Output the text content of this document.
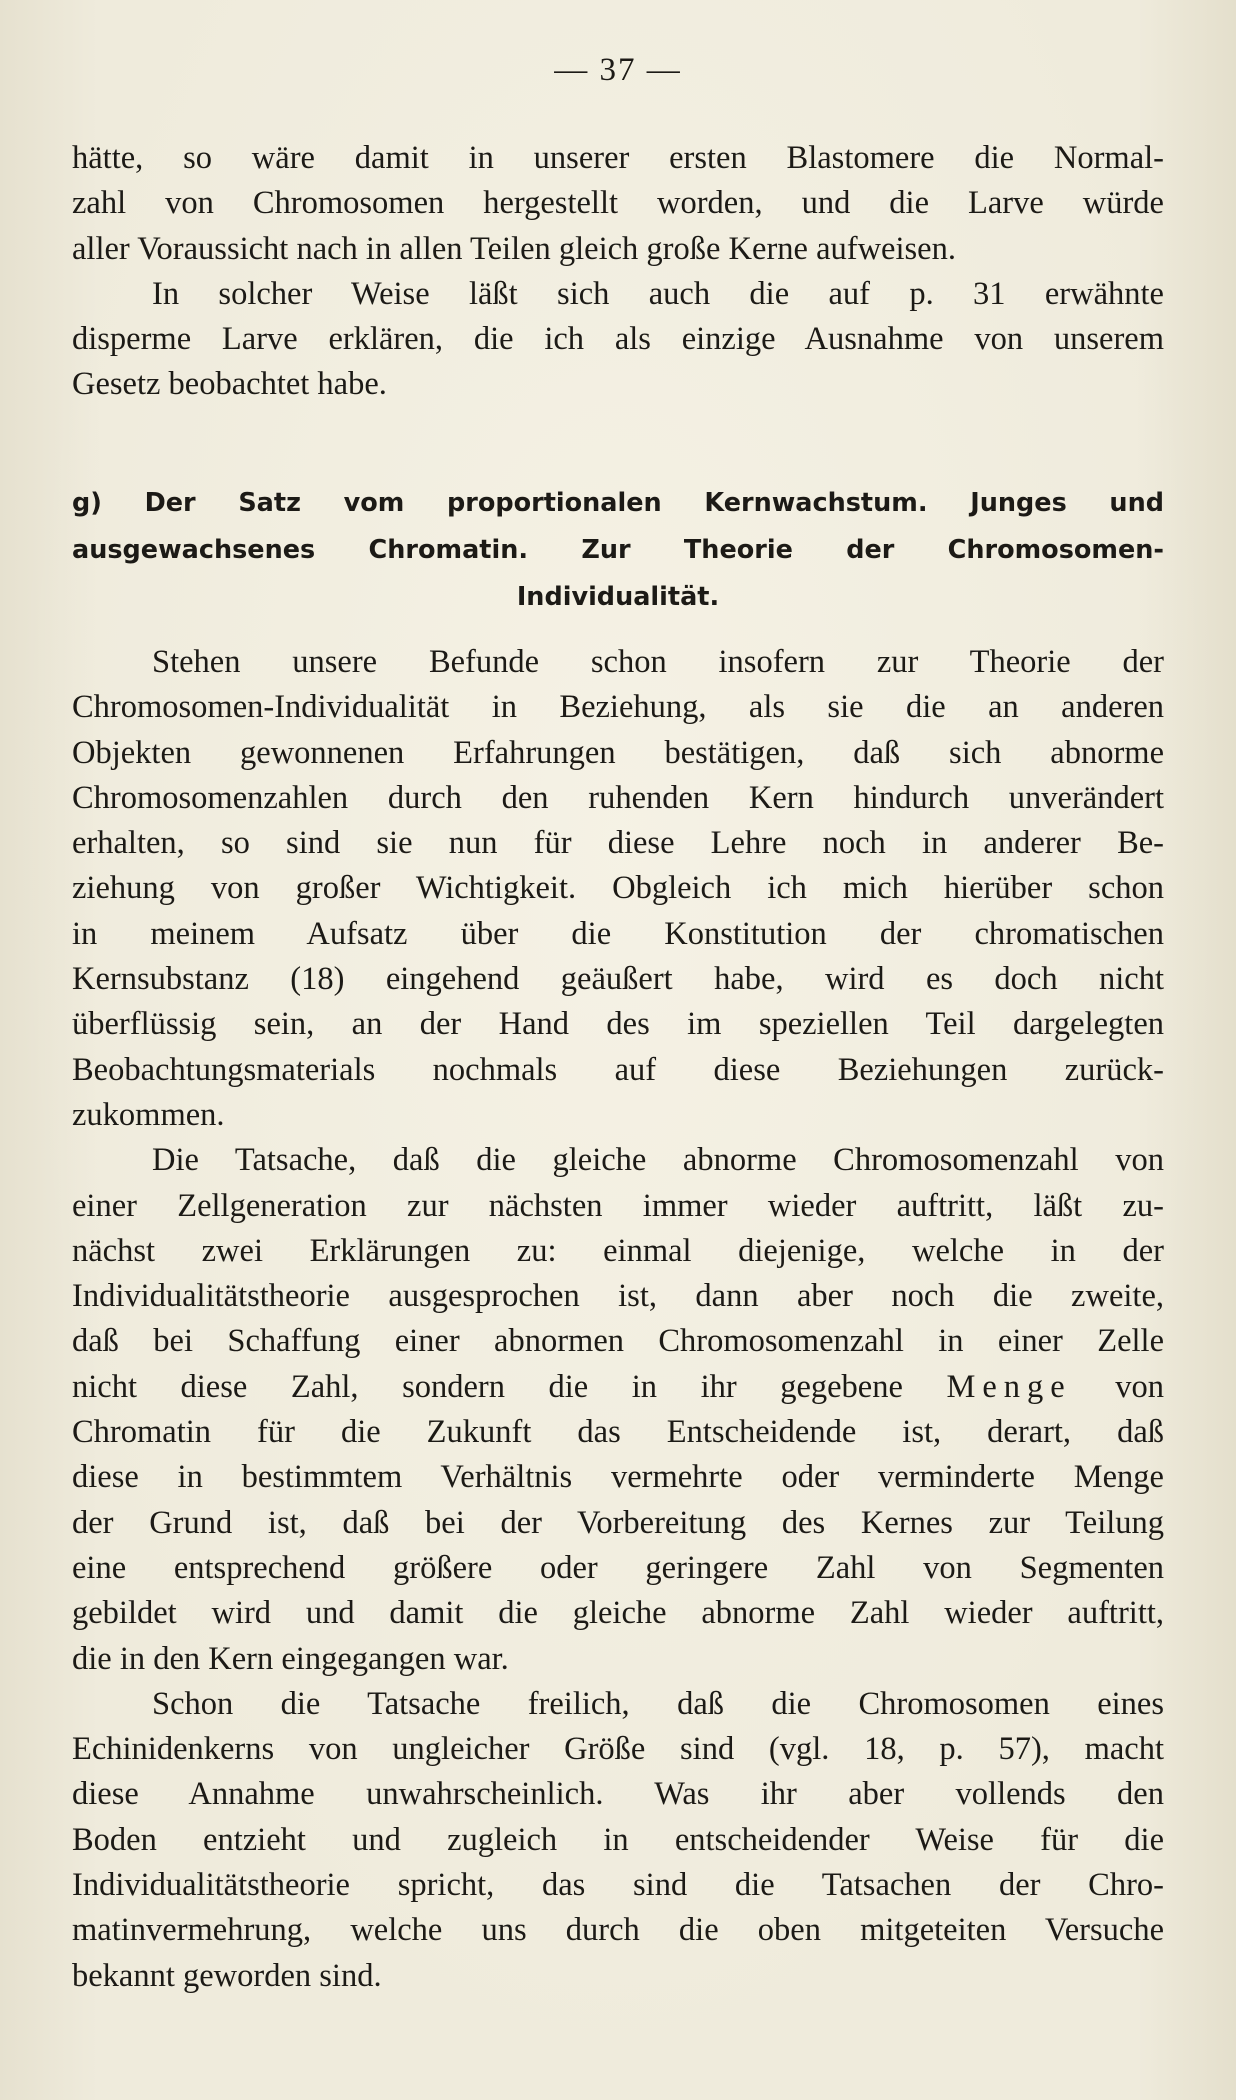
— 37 —
hätte, so wäre damit in unserer ersten Blastomere die Normal-
zahl von Chromosomen hergestellt worden, und die Larve würde
aller Voraussicht nach in allen Teilen gleich große Kerne aufweisen.
In solcher Weise läßt sich auch die auf p. 31 erwähnte
disperme Larve erklären, die ich als einzige Ausnahme von unserem
Gesetz beobachtet habe.
g) Der Satz vom proportionalen Kernwachstum. Junges und
ausgewachsenes Chromatin. Zur Theorie der Chromosomen-
Individualität.
Stehen unsere Befunde schon insofern zur Theorie der
Chromosomen-Individualität in Beziehung, als sie die an anderen
Objekten gewonnenen Erfahrungen bestätigen, daß sich abnorme
Chromosomenzahlen durch den ruhenden Kern hindurch unverändert
erhalten, so sind sie nun für diese Lehre noch in anderer Be-
ziehung von großer Wichtigkeit. Obgleich ich mich hierüber schon
in meinem Aufsatz über die Konstitution der chromatischen
Kernsubstanz (18) eingehend geäußert habe, wird es doch nicht
überflüssig sein, an der Hand des im speziellen Teil dargelegten
Beobachtungsmaterials nochmals auf diese Beziehungen zurück-
zukommen.
Die Tatsache, daß die gleiche abnorme Chromosomenzahl von
einer Zellgeneration zur nächsten immer wieder auftritt, läßt zu-
nächst zwei Erklärungen zu: einmal diejenige, welche in der
Individualitätstheorie ausgesprochen ist, dann aber noch die zweite,
daß bei Schaffung einer abnormen Chromosomenzahl in einer Zelle
nicht diese Zahl, sondern die in ihr gegebene Menge von
Chromatin für die Zukunft das Entscheidende ist, derart, daß
diese in bestimmtem Verhältnis vermehrte oder verminderte Menge
der Grund ist, daß bei der Vorbereitung des Kernes zur Teilung
eine entsprechend größere oder geringere Zahl von Segmenten
gebildet wird und damit die gleiche abnorme Zahl wieder auftritt,
die in den Kern eingegangen war.
Schon die Tatsache freilich, daß die Chromosomen eines
Echinidenkerns von ungleicher Größe sind (vgl. 18, p. 57), macht
diese Annahme unwahrscheinlich. Was ihr aber vollends den
Boden entzieht und zugleich in entscheidender Weise für die
Individualitätstheorie spricht, das sind die Tatsachen der Chro-
matinvermehrung, welche uns durch die oben mitgeteiten Versuche
bekannt geworden sind.
